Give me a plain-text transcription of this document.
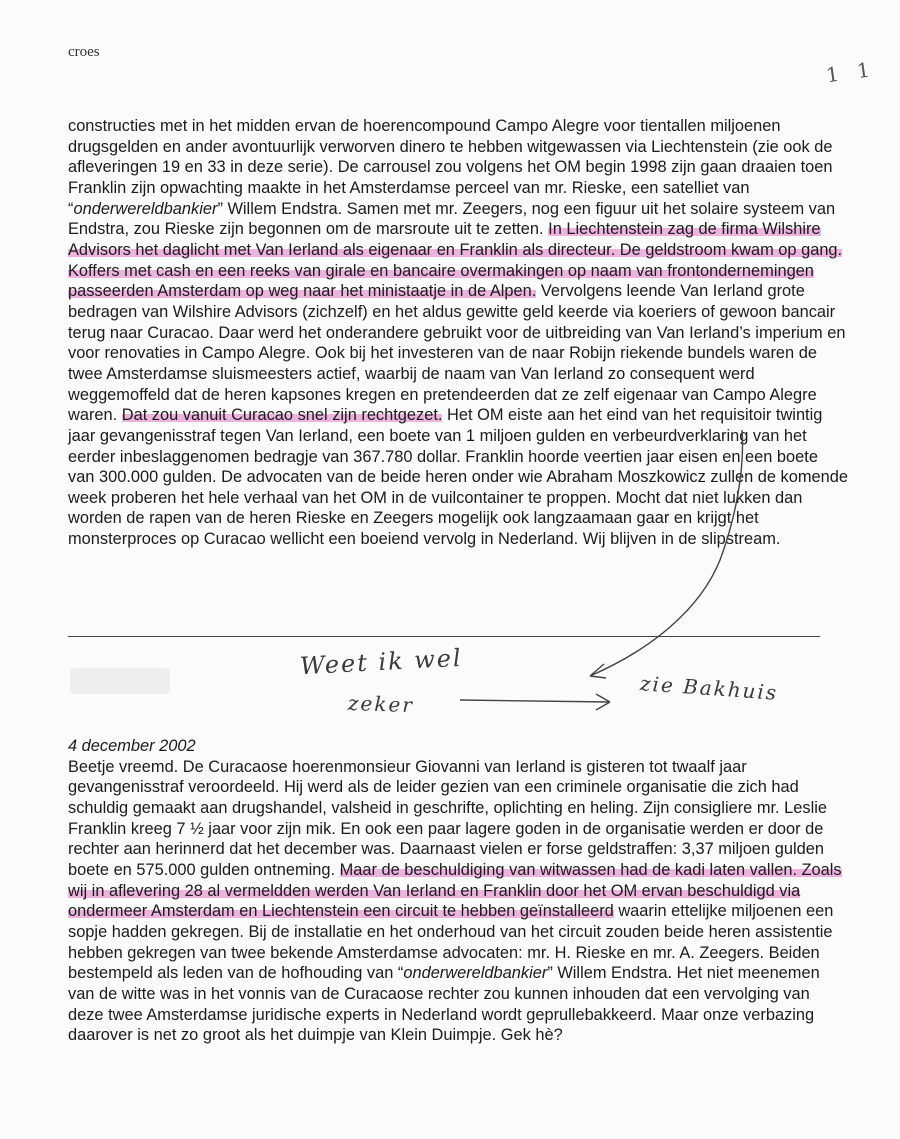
croes
1 1

constructies met in het midden ervan de hoerencompound Campo Alegre voor tientallen miljoenen drugsgelden en ander avontuurlijk verworven dinero te hebben witgewassen via Liechtenstein (zie ook de afleveringen 19 en 33 in deze serie). De carrousel zou volgens het OM begin 1998 zijn gaan draaien toen Franklin zijn opwachting maakte in het Amsterdamse perceel van mr. Rieske, een satelliet van “onderwereldbankier” Willem Endstra. Samen met mr. Zeegers, nog een figuur uit het solaire systeem van Endstra, zou Rieske zijn begonnen om de marsroute uit te zetten. In Liechtenstein zag de firma Wilshire Advisors het daglicht met Van Ierland als eigenaar en Franklin als directeur. De geldstroom kwam op gang. Koffers met cash en een reeks van girale en bancaire overmakingen op naam van frontondernemingen passeerden Amsterdam op weg naar het ministaatje in de Alpen. Vervolgens leende Van Ierland grote bedragen van Wilshire Advisors (zichzelf) en het aldus gewitte geld keerde via koeriers of gewoon bancair terug naar Curacao. Daar werd het onderandere gebruikt voor de uitbreiding van Van Ierland’s imperium en voor renovaties in Campo Alegre. Ook bij het investeren van de naar Robijn riekende bundels waren de twee Amsterdamse sluismeesters actief, waarbij de naam van Van Ierland zo consequent werd weggemoffeld dat de heren kapsones kregen en pretendeerden dat ze zelf eigenaar van Campo Alegre waren. Dat zou vanuit Curacao snel zijn rechtgezet. Het OM eiste aan het eind van het requisitoir twintig jaar gevangenisstraf tegen Van Ierland, een boete van 1 miljoen gulden en verbeurdverklaring van het eerder inbeslaggenomen bedragje van 367.780 dollar. Franklin hoorde veertien jaar eisen en een boete van 300.000 gulden. De advocaten van de beide heren onder wie Abraham Moszkowicz zullen de komende week proberen het hele verhaal van het OM in de vuilcontainer te proppen. Mocht dat niet lukken dan worden de rapen van de heren Rieske en Zeegers mogelijk ook langzaamaan gaar en krijgt het monsterproces op Curacao wellicht een boeiend vervolg in Nederland. Wij blijven in de slipstream.

Weet ik wel
zeker	zie Bakhuis

4 december 2002

Beetje vreemd. De Curacaose hoerenmonsieur Giovanni van Ierland is gisteren tot twaalf jaar gevangenisstraf veroordeeld. Hij werd als de leider gezien van een criminele organisatie die zich had schuldig gemaakt aan drugshandel, valsheid in geschrifte, oplichting en heling. Zijn consigliere mr. Leslie Franklin kreeg 7 ½ jaar voor zijn mik. En ook een paar lagere goden in de organisatie werden er door de rechter aan herinnerd dat het december was. Daarnaast vielen er forse geldstraffen: 3,37 miljoen gulden boete en 575.000 gulden ontneming. Maar de beschuldiging van witwassen had de kadi laten vallen. Zoals wij in aflevering 28 al vermeldden werden Van Ierland en Franklin door het OM ervan beschuldigd via ondermeer Amsterdam en Liechtenstein een circuit te hebben geïnstalleerd waarin ettelijke miljoenen een sopje hadden gekregen. Bij de installatie en het onderhoud van het circuit zouden beide heren assistentie hebben gekregen van twee bekende Amsterdamse advocaten: mr. H. Rieske en mr. A. Zeegers. Beiden bestempeld als leden van de hofhouding van “onderwereldbankier” Willem Endstra. Het niet meenemen van de witte was in het vonnis van de Curacaose rechter zou kunnen inhouden dat een vervolging van deze twee Amsterdamse juridische experts in Nederland wordt geprullebakkeerd. Maar onze verbazing daarover is net zo groot als het duimpje van Klein Duimpje. Gek hè?
